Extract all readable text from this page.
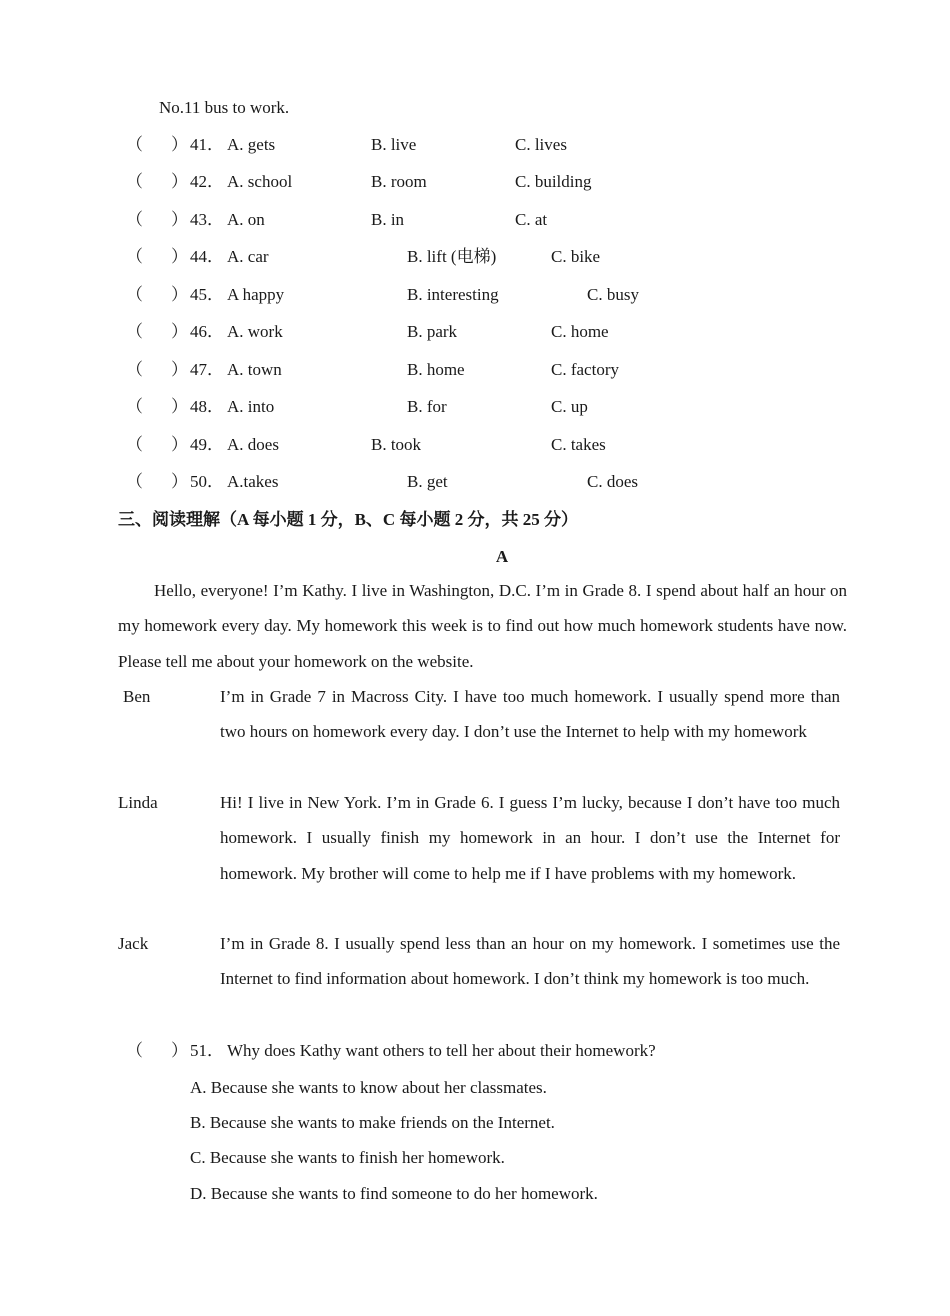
No.11 bus to work.
（ ） 41． A. gets	B. live	C. lives
（ ） 42． A. school	B. room	C. building
（ ） 43． A. on	B. in	C. at
（ ） 44． A. car	B. lift (电梯)	C. bike
（ ） 45． A happy	B. interesting	C. busy
（ ） 46． A. work	B. park	C. home
（ ） 47． A. town	B. home	C. factory
（ ） 48． A. into	B. for	C. up
（ ） 49． A. does	B. took	C. takes
（ ） 50． A.takes	B. get	C. does
三、阅读理解（A 每小题 1 分，B、C 每小题 2 分，共 25 分）
A
Hello, everyone! I’m Kathy. I live in Washington, D.C. I’m in Grade 8. I spend about half an hour on my homework every day. My homework this week is to find out how much homework students have now. Please tell me about your homework on the website.
Ben	I’m in Grade 7 in Macross City. I have too much homework. I usually spend more than two hours on homework every day. I don’t use the Internet to help with my homework
Linda	Hi! I live in New York. I’m in Grade 6. I guess I’m lucky, because I don’t have too much homework. I usually finish my homework in an hour. I don’t use the Internet for homework. My brother will come to help me if I have problems with my homework.
Jack	I’m in Grade 8. I usually spend less than an hour on my homework. I sometimes use the Internet to find information about homework. I don’t think my homework is too much.
（ ） 51． Why does Kathy want others to tell her about their homework?
A. Because she wants to know about her classmates.
B. Because she wants to make friends on the Internet.
C. Because she wants to finish her homework.
D. Because she wants to find someone to do her homework.
